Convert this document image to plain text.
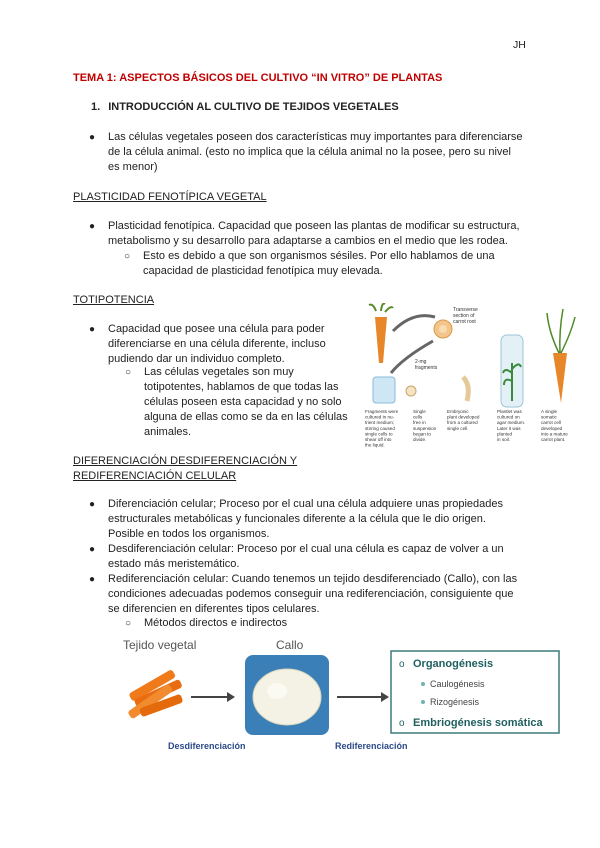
JH
TEMA 1: ASPECTOS BÁSICOS DEL CULTIVO “IN VITRO” DE PLANTAS
1. INTRODUCCIÓN AL CULTIVO DE TEJIDOS VEGETALES
● Las células vegetales poseen dos características muy importantes para diferenciarse

de la célula animal. (esto no implica que la célula animal no la posee, pero su nivel

es menor)

PLASTICIDAD FENOTÍPICA VEGETAL
● Plasticidad fenotípica. Capacidad que poseen las plantas de modificar su estructura,

metabolismo y su desarrollo para adaptarse a cambios en el medio que les rodea.

○ Esto es debido a que son organismos sésiles. Por ello hablamos de una

capacidad de plasticidad fenotípica muy elevada.

TOTIPOTENCIA
● Capacidad que posee una célula para poder

diferenciarse en una célula diferente, incluso

pudiendo dar un individuo completo.

○ Las células vegetales son muy

totipotentes, hablamos de que todas las

células poseen esta capacidad y no solo

alguna de ellas como se da en las células

animales.

Transverse section of carrot root
2-mg fragments
Fragments were cultured in nu-trient medium; stirring caused single cells to shear off into the liquid.
Single cells free in suspension began to divide.
Embryonic plant developed from a cultured single cell.
Plantlet was cultured on agar medium. Later it was planted in soil.
A single somatic carrot cell developed into a mature carrot plant.
DIFERENCIACIÓN DESDIFERENCIACIÓN Y
REDIFERENCIACIÓN CELULAR
● Diferenciación celular; Proceso por el cual una célula adquiere unas propiedades

estructurales metabólicas y funcionales diferente a la célula que le dio origen.

Posible en todos los organismos.

● Desdiferenciación celular: Proceso por el cual una célula es capaz de volver a un

estado más meristemático.

● Rediferenciación celular: Cuando tenemos un tejido desdiferenciado (Callo), con las

condiciones adecuadas podemos conseguir una rediferenciación, consiguiente que

se diferencien en diferentes tipos celulares.

○ Métodos directos e indirectos

Tejido vegetal
Desdiferenciación
Callo
Rediferenciación
o Organogénesis
Caulogénesis
Rizogénesis
o Embriogénesis somática
